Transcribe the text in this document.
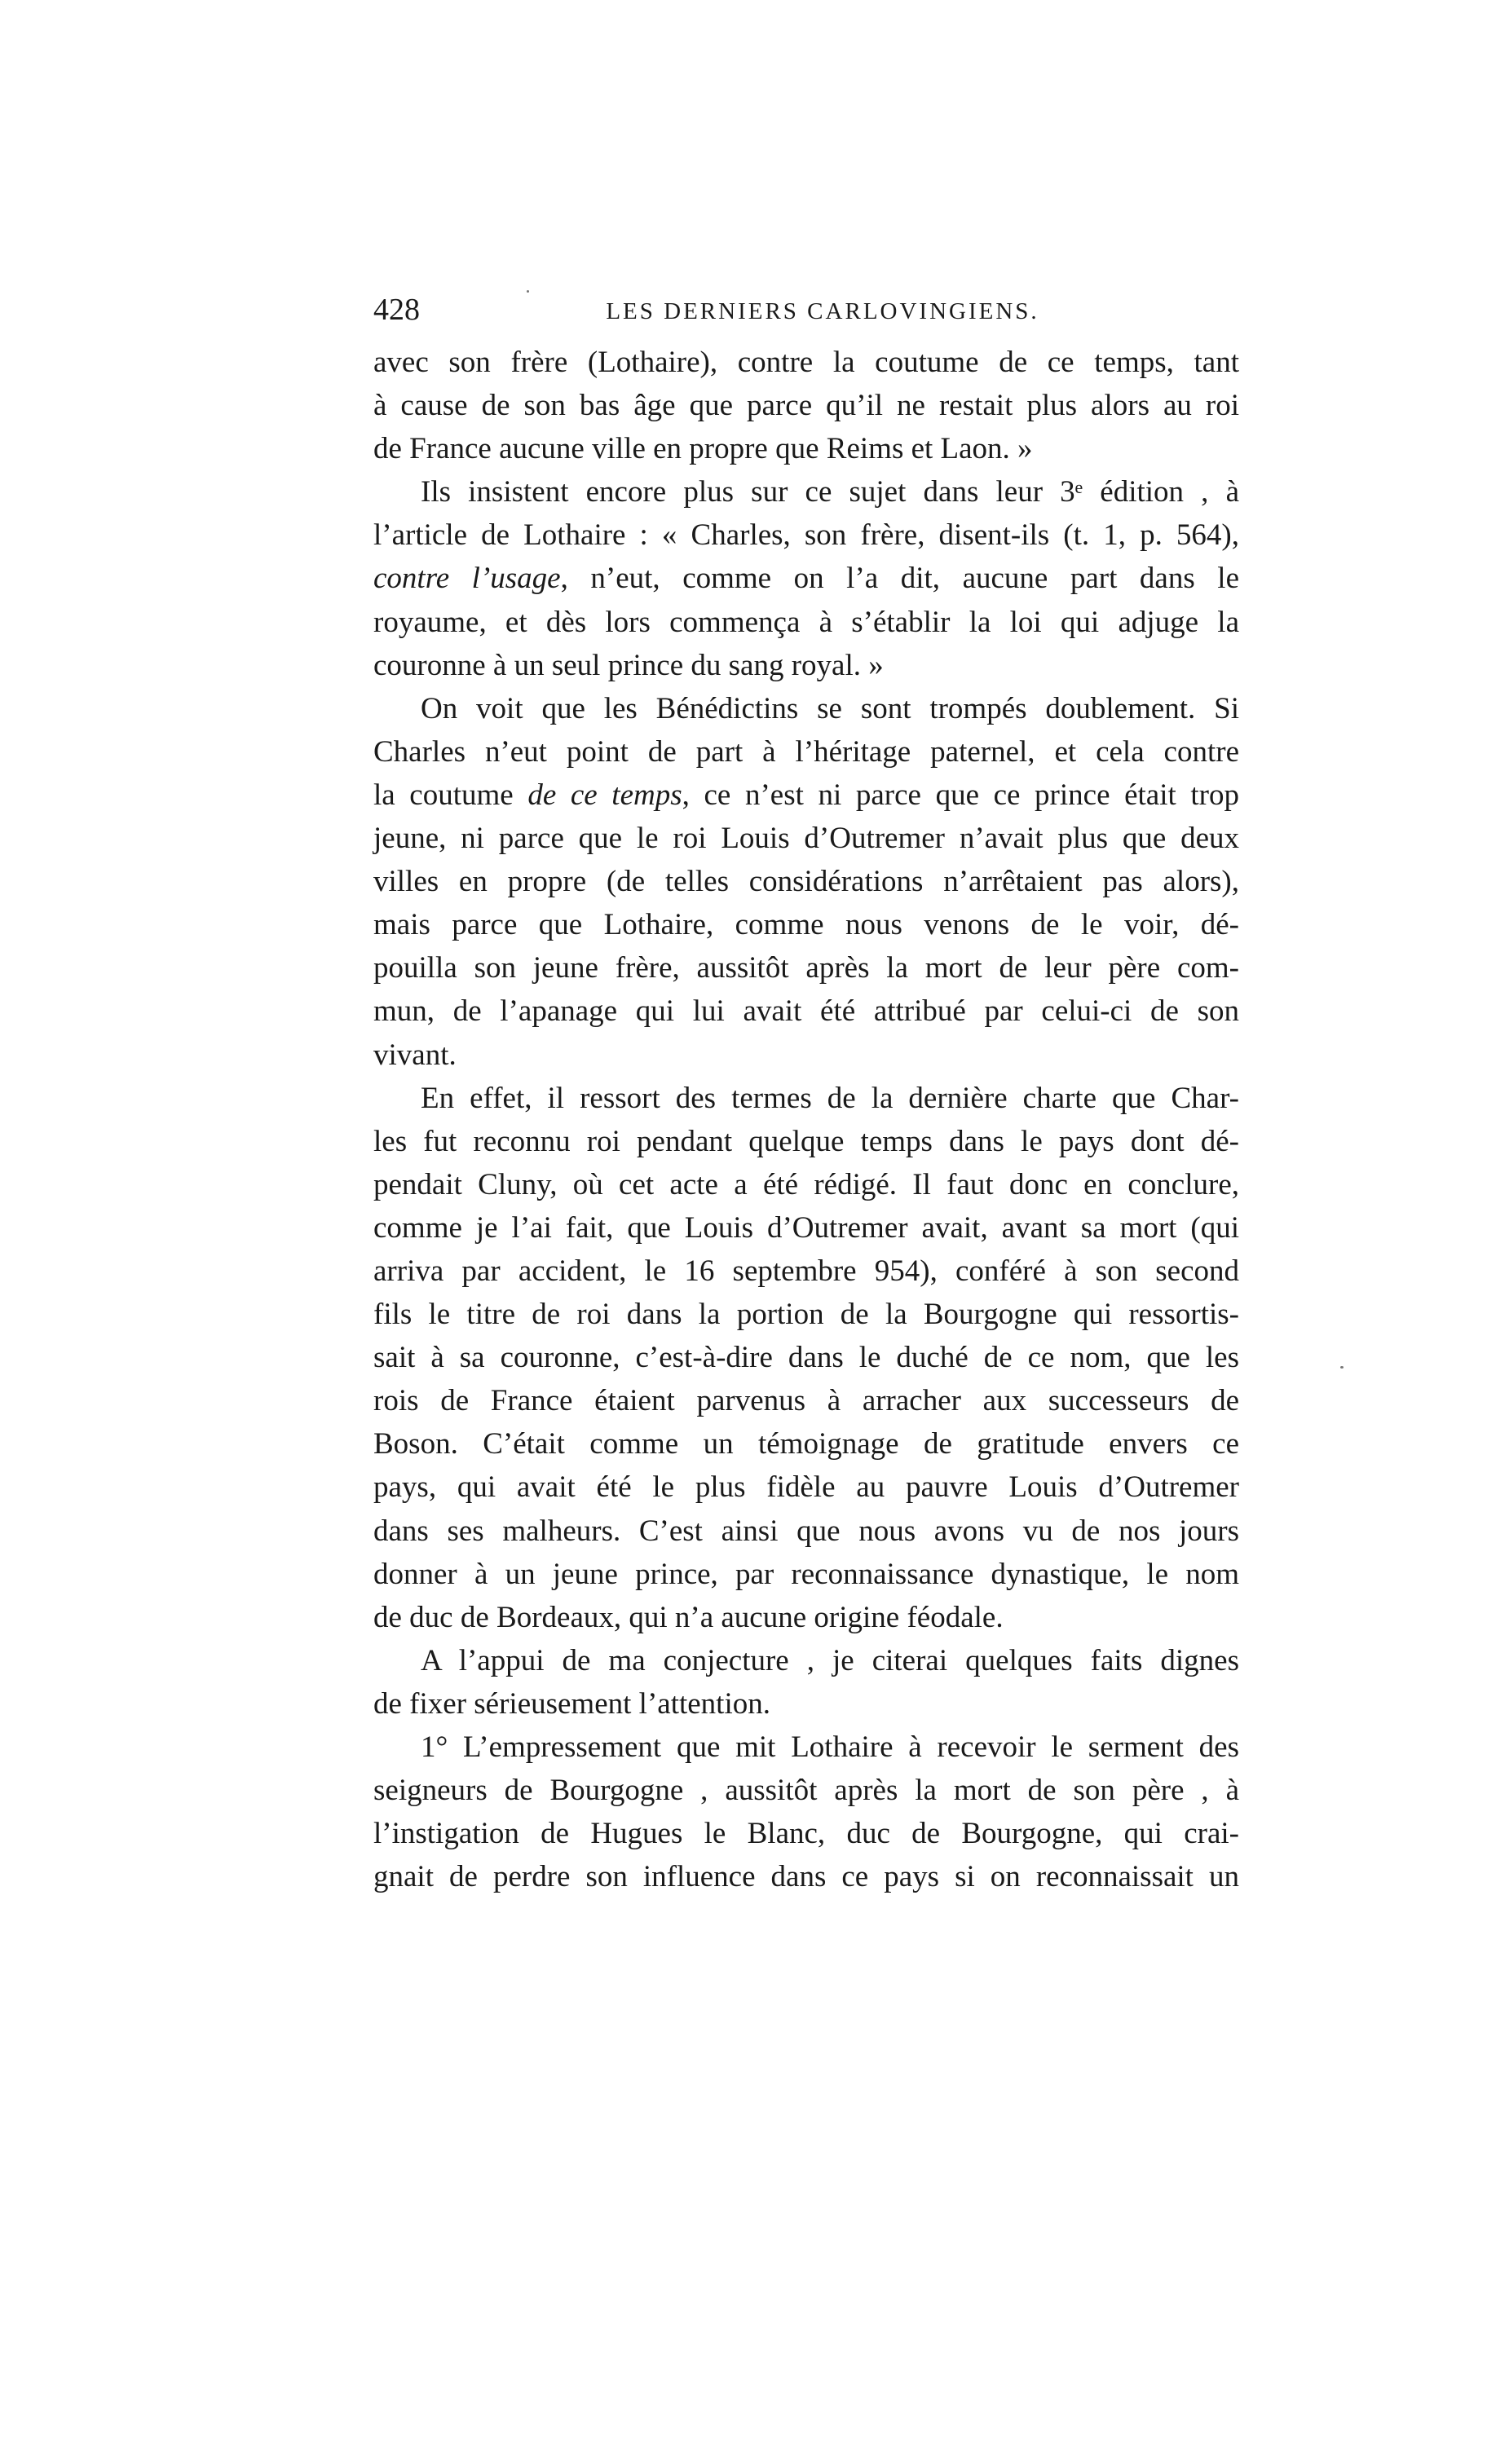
428	LES DERNIERS CARLOVINGIENS.
avec son frère (Lothaire), contre la coutume de ce temps, tant
à cause de son bas âge que parce qu’il ne restait plus alors au roi
de France aucune ville en propre que Reims et Laon. »
Ils insistent encore plus sur ce sujet dans leur 3ᵉ édition , à
l’article de Lothaire : « Charles, son frère, disent-ils (t. 1, p. 564),
contre l’usage, n’eut, comme on l’a dit, aucune part dans le
royaume, et dès lors commença à s’établir la loi qui adjuge la
couronne à un seul prince du sang royal. »
On voit que les Bénédictins se sont trompés doublement. Si
Charles n’eut point de part à l’héritage paternel, et cela contre
la coutume de ce temps, ce n’est ni parce que ce prince était trop
jeune, ni parce que le roi Louis d’Outremer n’avait plus que deux
villes en propre (de telles considérations n’arrêtaient pas alors),
mais parce que Lothaire, comme nous venons de le voir, dé-
pouilla son jeune frère, aussitôt après la mort de leur père com-
mun, de l’apanage qui lui avait été attribué par celui-ci de son
vivant.
En effet, il ressort des termes de la dernière charte que Char-
les fut reconnu roi pendant quelque temps dans le pays dont dé-
pendait Cluny, où cet acte a été rédigé. Il faut donc en conclure,
comme je l’ai fait, que Louis d’Outremer avait, avant sa mort (qui
arriva par accident, le 16 septembre 954), conféré à son second
fils le titre de roi dans la portion de la Bourgogne qui ressortis-
sait à sa couronne, c’est-à-dire dans le duché de ce nom, que les
rois de France étaient parvenus à arracher aux successeurs de
Boson. C’était comme un témoignage de gratitude envers ce
pays, qui avait été le plus fidèle au pauvre Louis d’Outremer
dans ses malheurs. C’est ainsi que nous avons vu de nos jours
donner à un jeune prince, par reconnaissance dynastique, le nom
de duc de Bordeaux, qui n’a aucune origine féodale.
A l’appui de ma conjecture , je citerai quelques faits dignes
de fixer sérieusement l’attention.
1° L’empressement que mit Lothaire à recevoir le serment des
seigneurs de Bourgogne , aussitôt après la mort de son père , à
l’instigation de Hugues le Blanc, duc de Bourgogne, qui crai-
gnait de perdre son influence dans ce pays si on reconnaissait un
